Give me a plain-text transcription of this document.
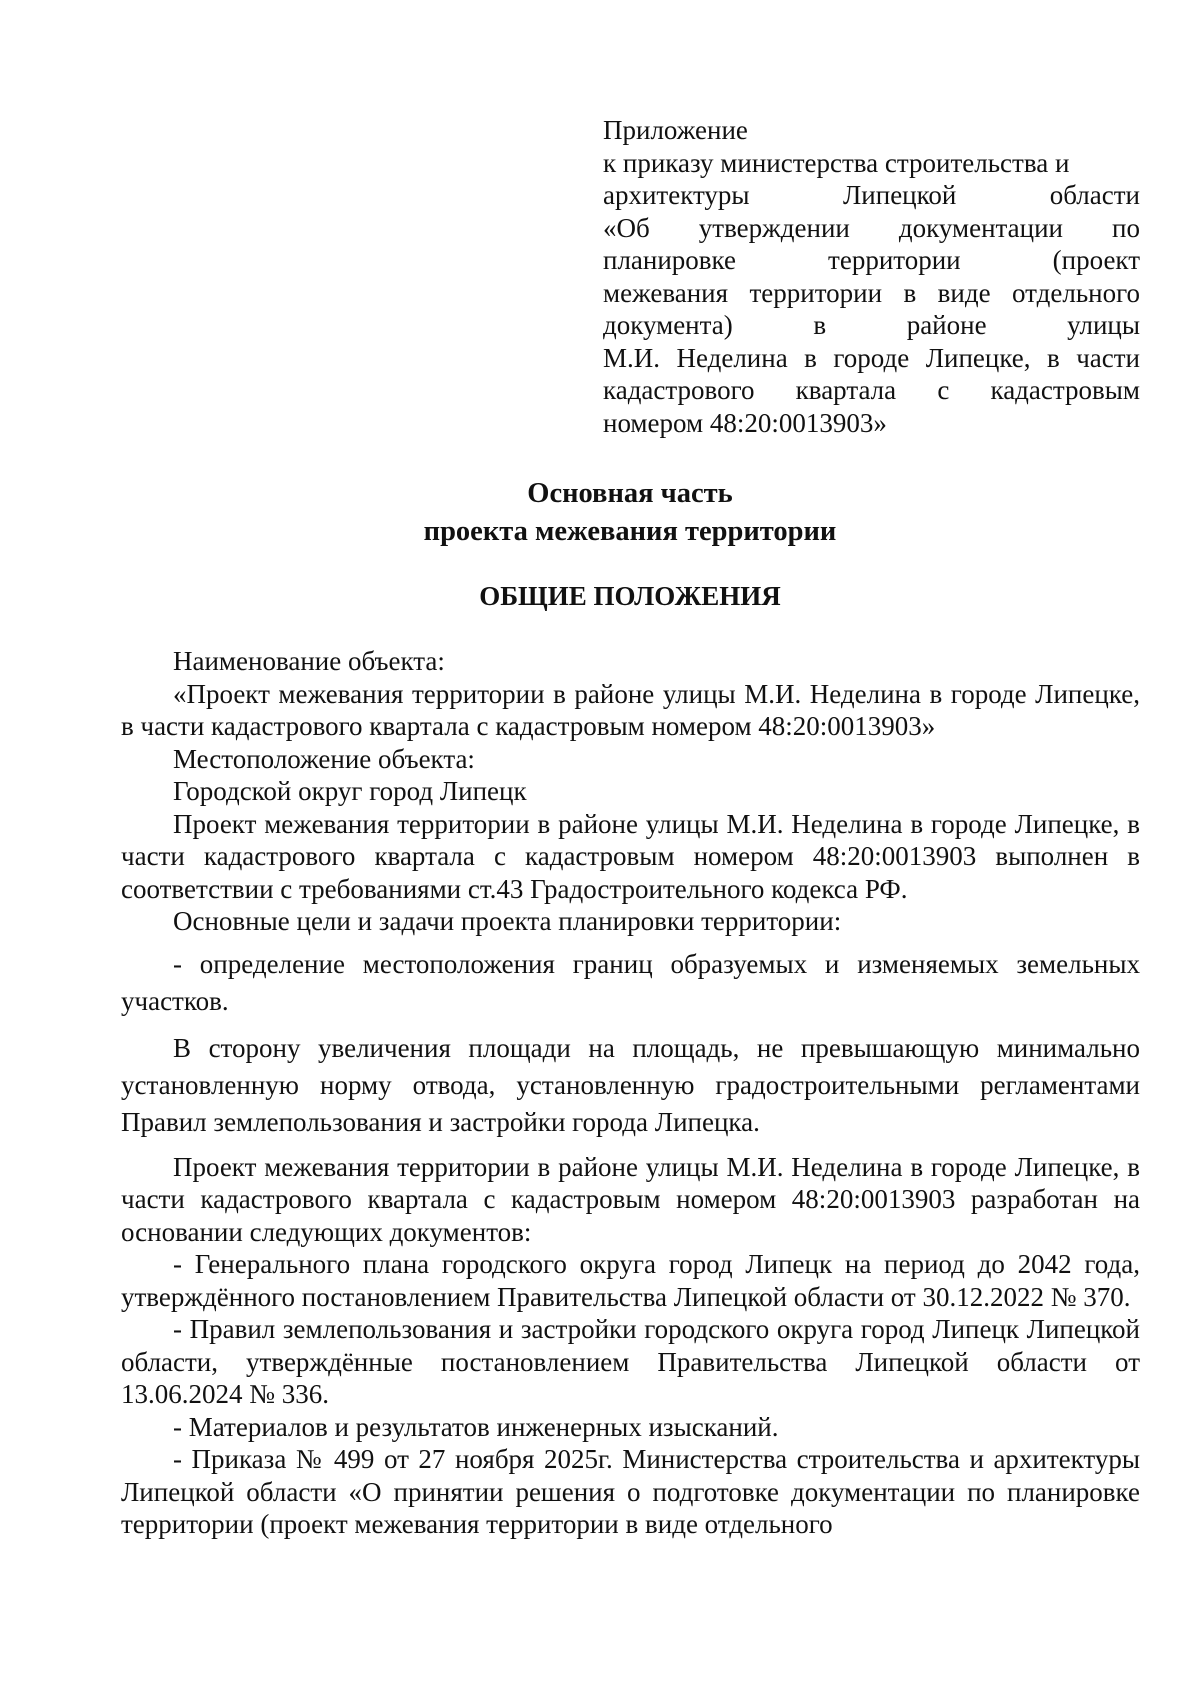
Приложение
к приказу министерства строительства и
архитектуры Липецкой области
«Об утверждении документации по
планировке территории (проект
межевания территории в виде отдельного
документа) в районе улицы
М.И. Неделина в городе Липецке, в части
кадастрового квартала с кадастровым
номером 48:20:0013903»
Основная часть
проекта межевания территории
ОБЩИЕ ПОЛОЖЕНИЯ

Наименование объекта:

«Проект межевания территории в районе улицы М.И. Неделина в городе Липецке, в части кадастрового квартала с кадастровым номером 48:20:0013903»

Местоположение объекта:

Городской округ город Липецк

Проект межевания территории в районе улицы М.И. Неделина в городе Липецке, в части кадастрового квартала с кадастровым номером 48:20:0013903 выполнен в соответствии с требованиями ст.43 Градостроительного кодекса РФ.

Основные цели и задачи проекта планировки территории:

- определение местоположения границ образуемых и изменяемых земельных участков.

В сторону увеличения площади на площадь, не превышающую минимально установленную норму отвода, установленную градостроительными регламентами Правил землепользования и застройки города Липецка.

Проект межевания территории в районе улицы М.И. Неделина в городе Липецке, в части кадастрового квартала с кадастровым номером 48:20:0013903 разработан на основании следующих документов:

- Генерального плана городского округа город Липецк на период до 2042 года, утверждённого постановлением Правительства Липецкой области от 30.12.2022 № 370.

- Правил землепользования и застройки городского округа город Липецк Липецкой области, утверждённые постановлением Правительства Липецкой области от 13.06.2024 № 336.

- Материалов и результатов инженерных изысканий.

- Приказа № 499 от 27 ноября 2025г. Министерства строительства и архитектуры Липецкой области «О принятии решения о подготовке документации по планировке территории (проект межевания территории в виде отдельного
